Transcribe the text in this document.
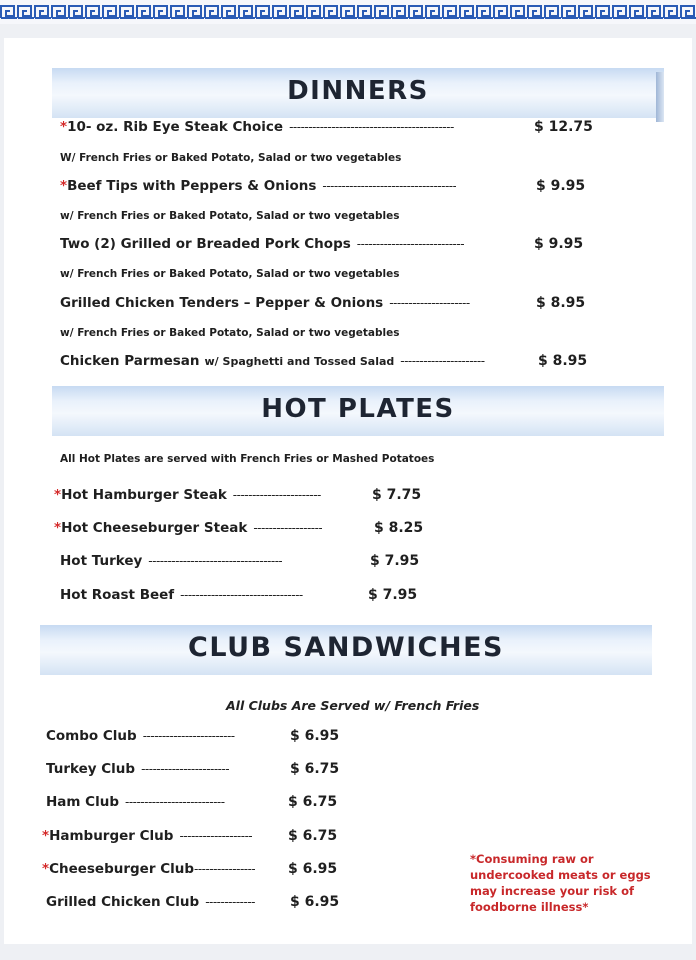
DINNERS
* 10- oz. Rib Eye Steak Choice -------------------------------------------	$ 12.75
W/ French Fries or Baked Potato, Salad or two vegetables
* Beef Tips with Peppers & Onions -----------------------------------	$ 9.95
w/ French Fries or Baked Potato, Salad or two vegetables
Two (2) Grilled or Breaded Pork Chops ----------------------------	$ 9.95
w/ French Fries or Baked Potato, Salad or two vegetables
Grilled Chicken Tenders – Pepper & Onions ---------------------	$ 8.95
w/ French Fries or Baked Potato, Salad or two vegetables
Chicken Parmesan w/ Spaghetti and Tossed Salad ----------------------	$ 8.95
HOT PLATES
All Hot Plates are served with French Fries or Mashed Potatoes
* Hot Hamburger Steak -----------------------	$ 7.75
* Hot Cheeseburger Steak ------------------	$ 8.25
Hot Turkey -----------------------------------	$ 7.95
Hot Roast Beef --------------------------------	$ 7.95
CLUB SANDWICHES
All Clubs Are Served w/ French Fries
Combo Club ------------------------	$ 6.95
Turkey Club -----------------------	$ 6.75
Ham Club --------------------------	$ 6.75
* Hamburger Club -------------------	$ 6.75
* Cheeseburger Club ---------------- $ 6.95
Grilled Chicken Club -------------	$ 6.95
*Consuming raw or
undercooked meats or eggs
may increase your risk of
foodborne illness*
